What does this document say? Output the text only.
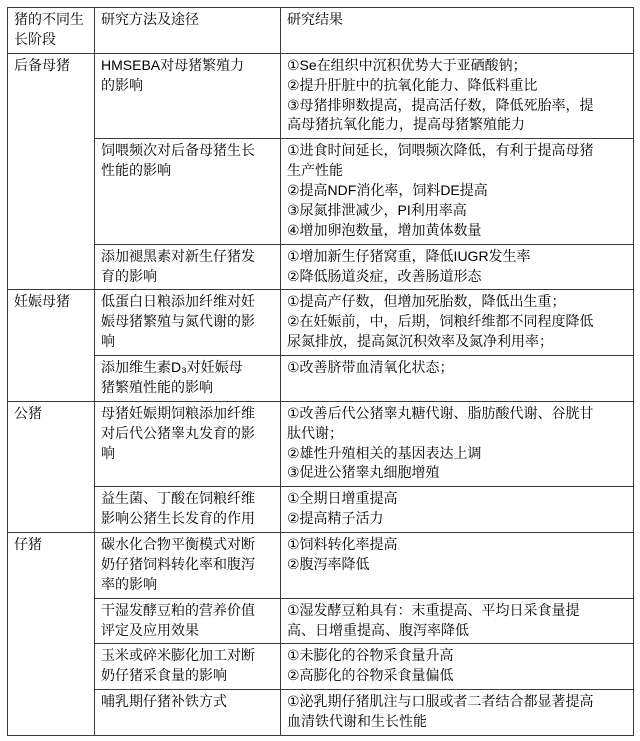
猪的不同生长阶段	研究方法及途径	研究结果
后备母猪	HMSEBA对母猪繁殖力的影响	①Se在组织中沉积优势大于亚硒酸钠；
②提升肝脏中的抗氧化能力、降低料重比
③母猪排卵数提高，提高活仔数，降低死胎率，提高母猪抗氧化能力，提高母猪繁殖能力

	饲喂频次对后备母猪生长性能的影响	①进食时间延长，饲喂频次降低，有利于提高母猪生产性能
②提高NDF消化率，饲料DE提高
③尿氮排泄减少，PI利用率高
④增加卵泡数量，增加黄体数量

	添加褪黑素对新生仔猪发育的影响	①增加新生仔猪窝重，降低IUGR发生率
②降低肠道炎症，改善肠道形态

妊娠母猪	低蛋白日粮添加纤维对妊娠母猪繁殖与氮代谢的影响	①提高产仔数，但增加死胎数，降低出生重；
②在妊娠前，中，后期，饲粮纤维都不同程度降低尿氮排放，提高氮沉积效率及氮净利用率；

	添加维生素D₃对妊娠母猪繁殖性能的影响	①改善脐带血清氧化状态；

公猪	母猪妊娠期饲粮添加纤维对后代公猪睾丸发育的影响	①改善后代公猪睾丸糖代谢、脂肪酸代谢、谷胱甘肽代谢；
②雄性升殖相关的基因表达上调
③促进公猪睾丸细胞增殖

	益生菌、丁酸在饲粮纤维影响公猪生长发育的作用	①全期日增重提高
②提高精子活力

仔猪	碳水化合物平衡模式对断奶仔猪饲料转化率和腹泻率的影响	①饲料转化率提高
②腹泻率降低

	干湿发酵豆粕的营养价值评定及应用效果	①湿发酵豆粕具有：末重提高、平均日采食量提高、日增重提高、腹泻率降低

	玉米或碎米膨化加工对断奶仔猪采食量的影响	①未膨化的谷物采食量升高
②高膨化的谷物采食量偏低

	哺乳期仔猪补铁方式	①泌乳期仔猪肌注与口服或者二者结合都显著提高血清铁代谢和生长性能
